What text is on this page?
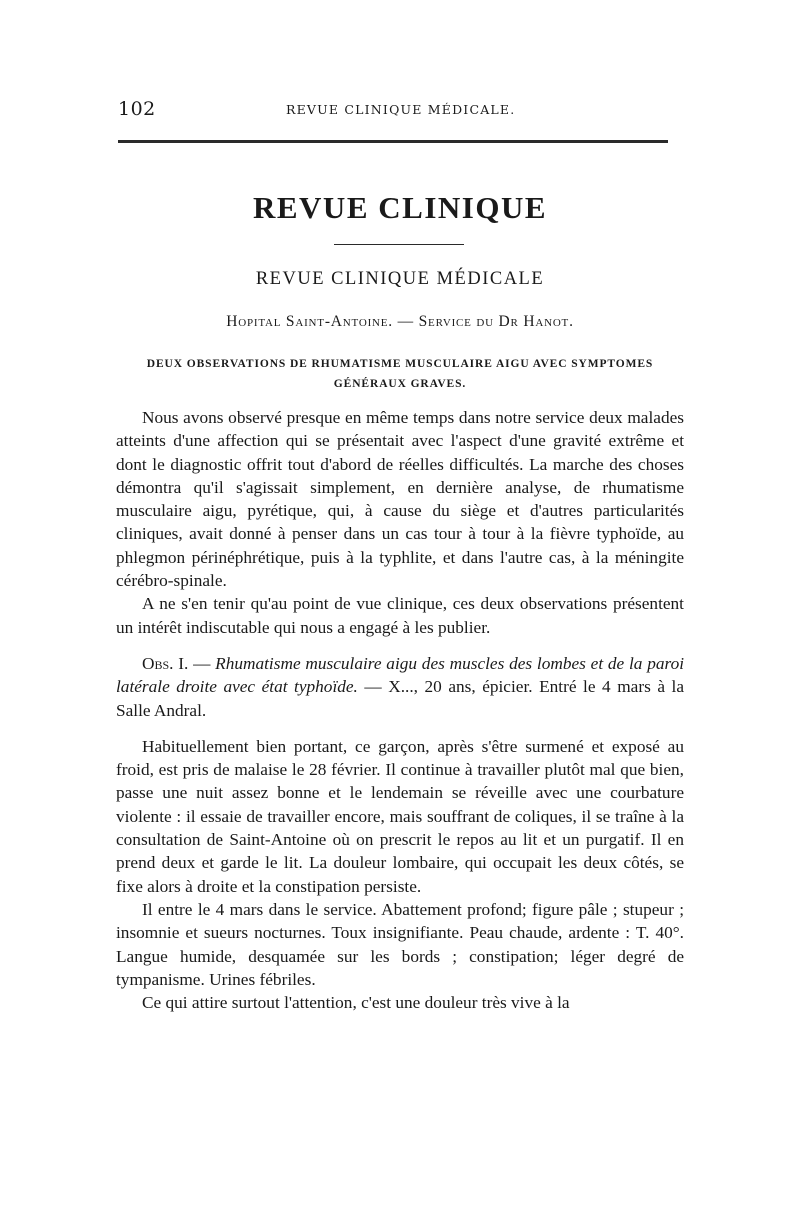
102	REVUE CLINIQUE MÉDICALE.
REVUE CLINIQUE
REVUE CLINIQUE MÉDICALE
Hopital Saint-Antoine. — Service du Dr Hanot.
DEUX OBSERVATIONS DE RHUMATISME MUSCULAIRE AIGU AVEC SYMPTOMES GÉNÉRAUX GRAVES.

Nous avons observé presque en même temps dans notre service deux malades atteints d'une affection qui se présentait avec l'aspect d'une gravité extrême et dont le diagnostic offrit tout d'abord de réelles difficultés. La marche des choses démontra qu'il s'agissait simplement, en dernière analyse, de rhumatisme musculaire aigu, pyrétique, qui, à cause du siège et d'autres particularités cliniques, avait donné à penser dans un cas tour à tour à la fièvre typhoïde, au phlegmon périnéphrétique, puis à la typhlite, et dans l'autre cas, à la méningite cérébro-spinale.

A ne s'en tenir qu'au point de vue clinique, ces deux observations présentent un intérêt indiscutable qui nous a engagé à les publier.

Obs. I. — Rhumatisme musculaire aigu des muscles des lombes et de la paroi latérale droite avec état typhoïde. — X..., 20 ans, épicier. Entré le 4 mars à la Salle Andral.

Habituellement bien portant, ce garçon, après s'être surmené et exposé au froid, est pris de malaise le 28 février. Il continue à travailler plutôt mal que bien, passe une nuit assez bonne et le lendemain se réveille avec une courbature violente : il essaie de travailler encore, mais souffrant de coliques, il se traîne à la consultation de Saint-Antoine où on prescrit le repos au lit et un purgatif. Il en prend deux et garde le lit. La douleur lombaire, qui occupait les deux côtés, se fixe alors à droite et la constipation persiste.

Il entre le 4 mars dans le service. Abattement profond; figure pâle ; stupeur ; insomnie et sueurs nocturnes. Toux insignifiante. Peau chaude, ardente : T. 40°. Langue humide, desquamée sur les bords ; constipation; léger degré de tympanisme. Urines fébriles.

Ce qui attire surtout l'attention, c'est une douleur très vive à la
